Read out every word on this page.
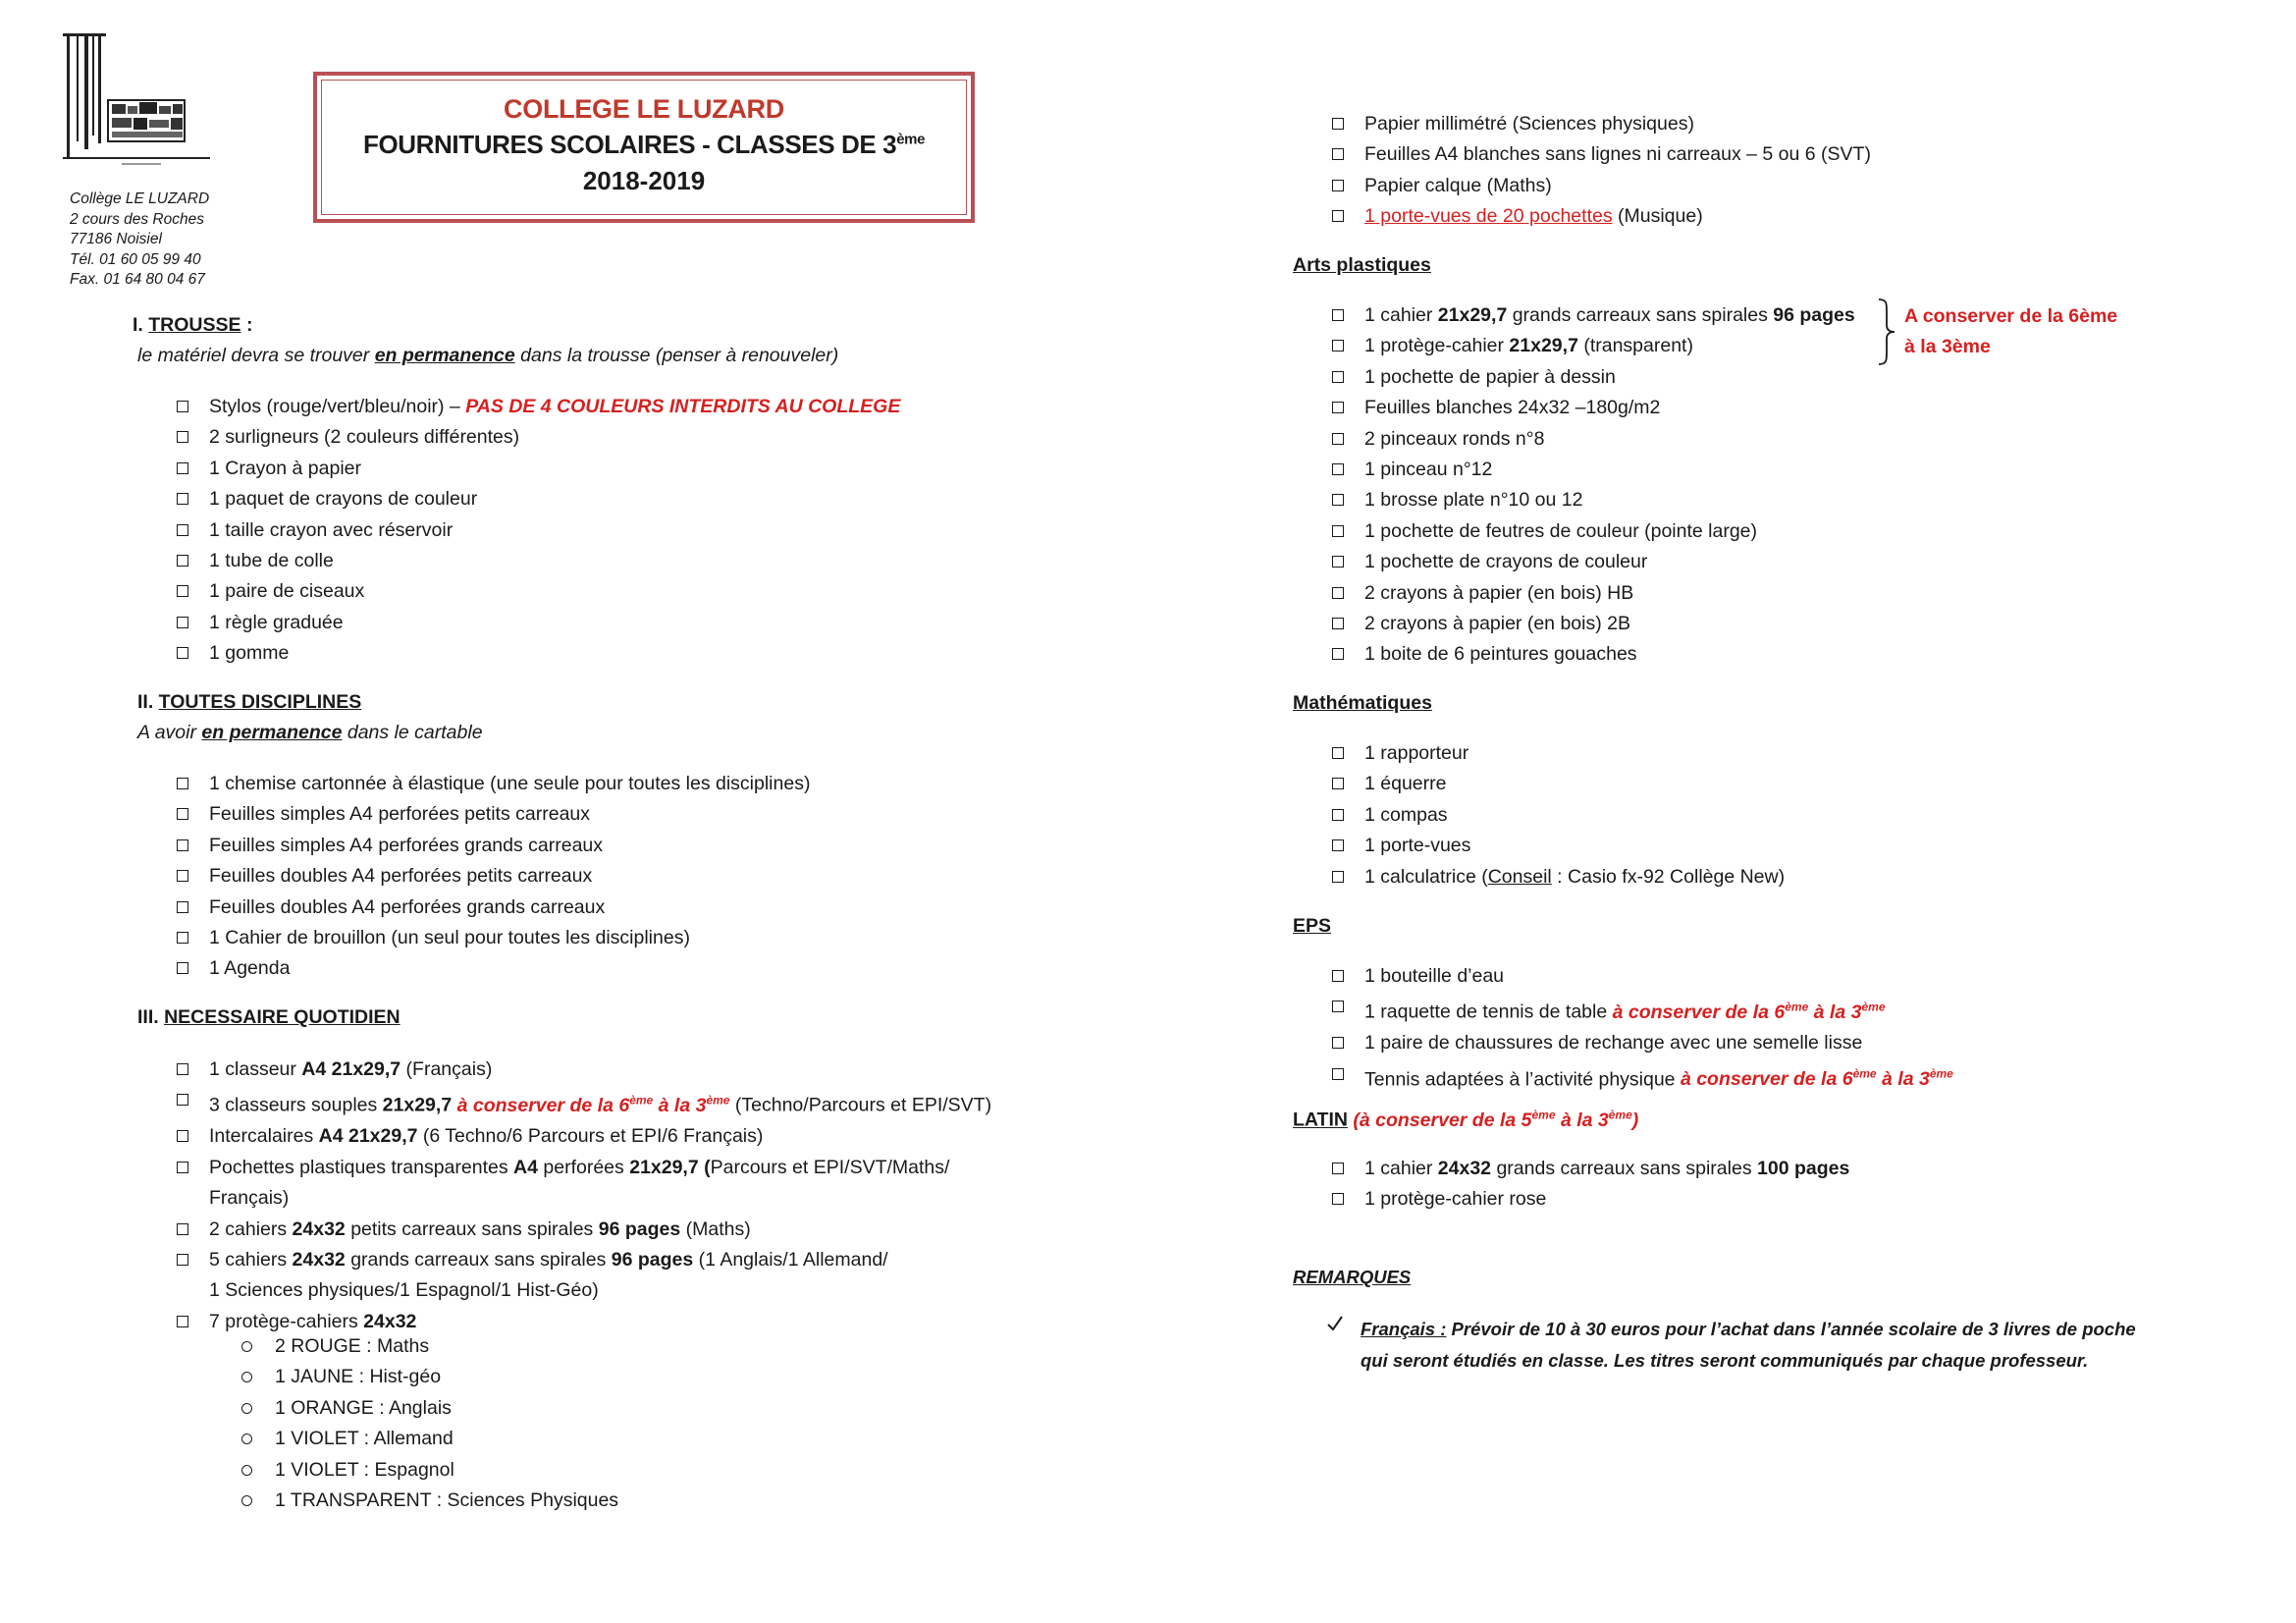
Collège LE LUZARD
2 cours des Roches
77186 Noisiel
Tél. 01 60 05 99 40
Fax. 01 64 80 04 67
COLLEGE LE LUZARD
FOURNITURES SCOLAIRES - CLASSES DE 3ème
2018-2019
I. TROUSSE :
le matériel devra se trouver en permanence dans la trousse (penser à renouveler)
Stylos (rouge/vert/bleu/noir) – PAS DE 4 COULEURS INTERDITS AU COLLEGE
2 surligneurs (2 couleurs différentes)
1 Crayon à papier
1 paquet de crayons de couleur
1 taille crayon avec réservoir
1 tube de colle
1 paire de ciseaux
1 règle graduée
1 gomme
II. TOUTES DISCIPLINES
A avoir en permanence dans le cartable
1 chemise cartonnée à élastique (une seule pour toutes les disciplines)
Feuilles simples A4 perforées petits carreaux
Feuilles simples A4 perforées grands carreaux
Feuilles doubles A4 perforées petits carreaux
Feuilles doubles A4 perforées grands carreaux
1 Cahier de brouillon (un seul pour toutes les disciplines)
1 Agenda
III. NECESSAIRE QUOTIDIEN
1 classeur A4 21x29,7 (Français)
3 classeurs souples 21x29,7 à conserver de la 6ème à la 3ème (Techno/Parcours et EPI/SVT)
Intercalaires A4 21x29,7 (6 Techno/6 Parcours et EPI/6 Français)
Pochettes plastiques transparentes A4 perforées 21x29,7 (Parcours et EPI/SVT/Maths/
Français)
2 cahiers 24x32 petits carreaux sans spirales 96 pages (Maths)
5 cahiers 24x32 grands carreaux sans spirales 96 pages (1 Anglais/1 Allemand/
1 Sciences physiques/1 Espagnol/1 Hist-Géo)
7 protège-cahiers 24x32
2 ROUGE : Maths
1 JAUNE : Hist-géo
1 ORANGE : Anglais
1 VIOLET : Allemand
1 VIOLET : Espagnol
1 TRANSPARENT : Sciences Physiques
Papier millimétré (Sciences physiques)
Feuilles A4 blanches sans lignes ni carreaux – 5 ou 6 (SVT)
Papier calque (Maths)
1 porte-vues de 20 pochettes (Musique)
Arts plastiques
1 cahier 21x29,7 grands carreaux sans spirales 96 pages
1 protège-cahier 21x29,7 (transparent)
1 pochette de papier à dessin
Feuilles blanches 24x32 –180g/m2
2 pinceaux ronds n°8
1 pinceau n°12
1 brosse plate n°10 ou 12
1 pochette de feutres de couleur (pointe large)
1 pochette de crayons de couleur
2 crayons à papier (en bois) HB
2 crayons à papier (en bois) 2B
1 boite de 6 peintures gouaches
A conserver de la 6ème
à la 3ème
Mathématiques
1 rapporteur
1 équerre
1 compas
1 porte-vues
1 calculatrice (Conseil : Casio fx-92 Collège New)
EPS
1 bouteille d’eau
1 raquette de tennis de table à conserver de la 6ème à la 3ème
1 paire de chaussures de rechange avec une semelle lisse
Tennis adaptées à l’activité physique à conserver de la 6ème à la 3ème
LATIN (à conserver de la 5ème à la 3ème)
1 cahier 24x32 grands carreaux sans spirales 100 pages
1 protège-cahier rose
REMARQUES
Français : Prévoir de 10 à 30 euros pour l’achat dans l’année scolaire de 3 livres de poche
qui seront étudiés en classe. Les titres seront communiqués par chaque professeur.
